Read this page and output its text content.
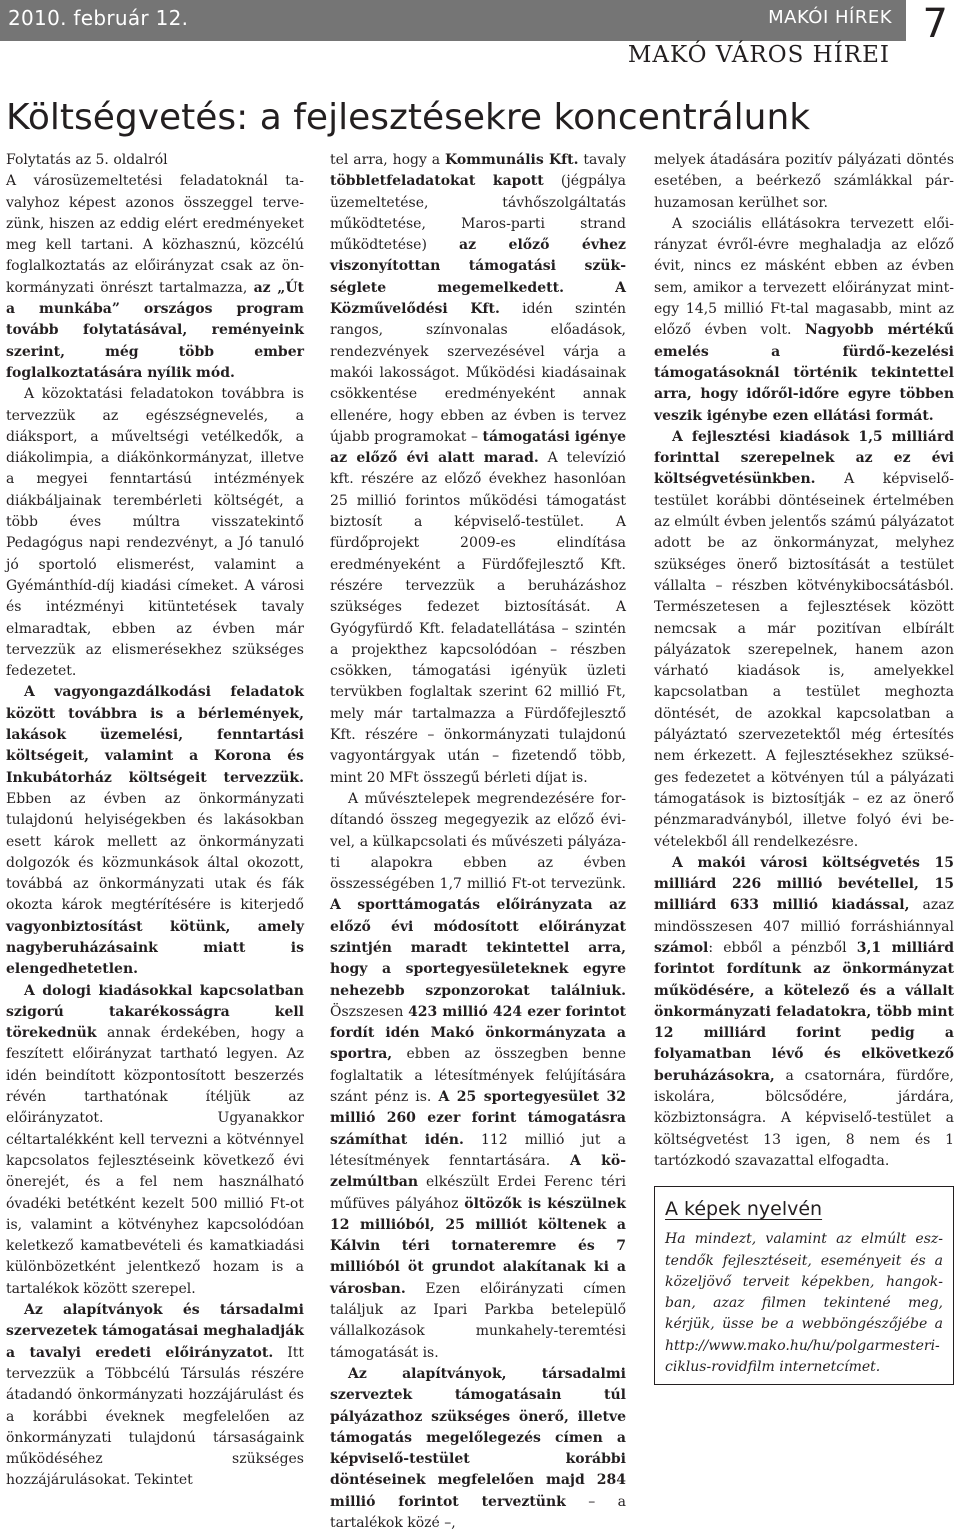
2010. február 12.	MAKÓI HÍREK 7
MAKÓ VÁROS HÍREI
Költségvetés: a fejlesztésekre koncentrálunk

Folytatás az 5. oldalról

A városüzemeltetési feladatoknál tavalyhoz képest azonos összeggel tervezünk, hiszen az eddig elért eredményeket meg kell tartani. A közhasznú, közcélú foglalkoztatás az előirányzat csak az önkormányzati önrészt tartalmazza, az „Út a munkába” országos program tovább folytatásával, reményeink szerint, még több ember foglalkoztatására nyílik mód.

A közoktatási feladatokon továbbra is tervezzük az egészségnevelés, a diáksport, a műveltségi vetélkedők, a diákolimpia, a diákönkormányzat, illetve a megyei fenntartású intézmények diákbáljainak terembérleti költségét, a több éves múltra visszatekintő Pedagógus napi rendezvényt, a Jó tanuló jó sportoló elismerést, valamint a Gyémánthíd-díj kiadási címeket. A városi és intézményi kitüntetések tavaly elmaradtak, ebben az évben már tervezzük az elismerésekhez szükséges fedezetet.

A vagyongazdálkodási feladatok között továbbra is a bérlemények, lakások üzemelési, fenntartási költségeit, valamint a Korona és Inkubátorház költségeit tervezzük. Ebben az évben az önkormányzati tulajdonú helyiségekben és lakásokban esett károk mellett az önkormányzati dolgozók és közmunkások által okozott, továbbá az önkormányzati utak és fák okozta károk megtérítésére is kiterjedő vagyonbiztosítást kötünk, amely nagyberuházásaink miatt is elengedhetetlen.

A dologi kiadásokkal kapcsolatban szigorú takarékosságra kell törekednük annak érdekében, hogy a feszített előirányzat tartható legyen. Az idén beindított központosított beszerzés révén tarthatónak ítéljük az előirányzatot. Ugyanakkor céltartalékként kell tervezni a kötvénnyel kapcsolatos fejlesztéseink következő évi önerejét, és a fel nem használható óvadéki betétként kezelt 500 millió Ft-ot is, valamint a kötvényhez kapcsolódóan keletkező kamatbevételi és kamatkiadási különbözetként jelentkező hozam is a tartalékok között szerepel.

Az alapítványok és társadalmi szervezetek támogatásai meghaladják a tavalyi eredeti előirányzatot. Itt tervezzük a Többcélú Társulás részére átadandó önkormányzati hozzájárulást és a korábbi éveknek megfelelően az önkormányzati tulajdonú társaságaink működéséhez szükséges hozzájárulásokat. Tekintet

tel arra, hogy a Kommunális Kft. tavaly többletfeladatokat kapott (jégpálya üzemeltetése, távhőszolgáltatás működtetése, Maros-parti strand működtetése) az előző évhez viszonyítottan támogatási szükséglete megemelkedett. A Közművelődési Kft. idén szintén rangos, színvonalas előadások, rendezvények szervezésével várja a makói lakosságot. Működési kiadásainak csökkentése eredményeként annak ellenére, hogy ebben az évben is tervez újabb programokat – támogatási igénye az előző évi alatt marad. A televízió kft. részére az előző évekhez hasonlóan 25 millió forintos működési támogatást biztosít a képviselő-testület. A fürdőprojekt 2009-es elindítása eredményeként a Fürdőfejlesztő Kft. részére tervezzük a beruházáshoz szükséges fedezet biztosítását. A Gyógyfürdő Kft. feladatellátása – szintén a projekthez kapcsolódóan – részben csökken, támogatási igényük üzleti tervükben foglaltak szerint 62 millió Ft, mely már tartalmazza a Fürdőfejlesztő Kft. részére – önkormányzati tulajdonú vagyontárgyak után – fizetendő több, mint 20 MFt összegű bérleti díjat is.

A művésztelepek megrendezésére fordítandó összeg megegyezik az előző évivel, a külkapcsolati és művészeti pályázati alapokra ebben az évben összességében 1,7 millió Ft-ot tervezünk. A sporttámogatás előirányzata az előző évi módosított előirányzat szintjén maradt tekintettel arra, hogy a sportegyesületeknek egyre nehezebb szponzorokat találniuk. Öszszesen 423 millió 424 ezer forintot fordít idén Makó önkormányzata a sportra, ebben az összegben benne foglaltatik a létesítmények felújítására szánt pénz is. A 25 sportegyesület 32 millió 260 ezer forint támogatásra számíthat idén. 112 millió jut a létesítmények fenntartására. A közelmúltban elkészült Erdei Ferenc téri műfüves pályához öltözők is készülnek 12 millióból, 25 milliót költenek a Kálvin téri tornateremre és 7 millióból öt grundot alakítanak ki a városban. Ezen előirányzati címen találjuk az Ipari Parkba betelepülő vállalkozások munkahely-teremtési támogatását is.

Az alapítványok, társadalmi szerveztek támogatásain túl pályázathoz szükséges önerő, illetve támogatás megelőlegezés címen a képviselő-testület korábbi döntéseinek megfelelően majd 284 millió forintot terveztünk – a tartalékok közé –,

melyek átadására pozitív pályázati döntés esetében, a beérkező számlákkal párhuzamosan kerülhet sor.

A szociális ellátásokra tervezett előirányzat évről-évre meghaladja az előző évit, nincs ez másként ebben az évben sem, amikor a tervezett előirányzat mintegy 14,5 millió Ft-tal magasabb, mint az előző évben volt. Nagyobb mértékű emelés a fürdő-kezelési támogatásoknál történik tekintettel arra, hogy időről-időre egyre többen veszik igénybe ezen ellátási formát.

A fejlesztési kiadások 1,5 milliárd forinttal szerepelnek az ez évi költségvetésünkben. A képviselő-testület korábbi döntéseinek értelmében az elmúlt évben jelentős számú pályázatot adott be az önkormányzat, melyhez szükséges önerő biztosítását a testület vállalta – részben kötvénykibocsátásból. Természetesen a fejlesztések között nemcsak a már pozitívan elbírált pályázatok szerepelnek, hanem azon várható kiadások is, amelyekkel kapcsolatban a testület meghozta döntését, de azokkal kapcsolatban a pályáztató szervezetektől még értesítés nem érkezett. A fejlesztésekhez szükséges fedezetet a kötvényen túl a pályázati támogatások is biztosítják – ez az önerő pénzmaradványból, illetve folyó évi bevételekből áll rendelkezésre.

A makói városi költségvetés 15 milliárd 226 millió bevétellel, 15 milliárd 633 millió kiadással, azaz mindösszesen 407 millió forráshiánnyal számol: ebből a pénzből 3,1 milliárd forintot fordítunk az önkormányzat működésére, a kötelező és a vállalt önkormányzati feladatokra, több mint 12 milliárd forint pedig a folyamatban lévő és elkövetkező beruházásokra, a csatornára, fürdőre, iskolára, bölcsődére, járdára, közbiztonságra. A képviselő-testület a költségvetést 13 igen, 8 nem és 1 tartózkodó szavazattal elfogadta.

A képek nyelvén

Ha mindezt, valamint az elmúlt esztendők fejlesztéseit, eseményeit és a közeljövő terveit képekben, hangokban, azaz filmen tekintené meg, kérjük, üsse be a webböngészőjébe a http://www.mako.hu/hu/polgarmesteri-ciklus-rovidfilm internetcímet.
